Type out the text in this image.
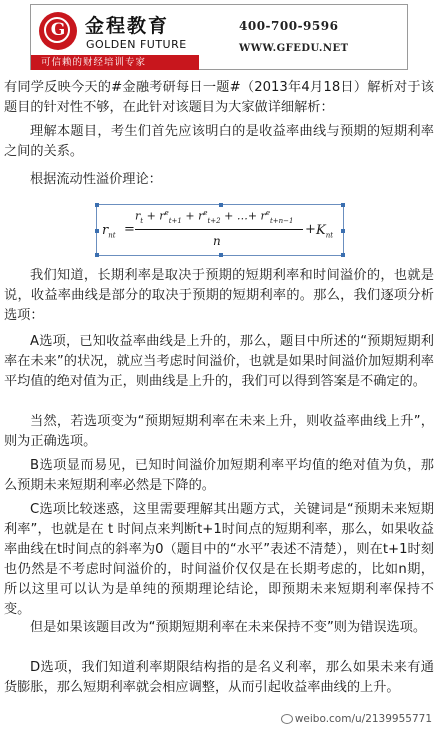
G	金程教育
GOLDEN FUTURE
可信赖的财经培训专家
400-700-9596
WWW.GFEDU.NET

有同学反映今天的#金融考研每日一题#（2013年4月18日）解析对于该题目的针对性不够，在此针对该题目为大家做详细解析：

理解本题目，考生们首先应该明白的是收益率曲线与预期的短期利率之间的关系。

根据流动性溢价理论：

$r_{nt}$ =
$r_t + r^e_{t+1} + r^e_{t+2}$ + …+ $r^e_{t+n-1}$
n
+ $K_{nt}$

我们知道，长期利率是取决于预期的短期利率和时间溢价的，也就是说，收益率曲线是部分的取决于预期的短期利率的。那么，我们逐项分析选项：

A选项，已知收益率曲线是上升的，那么，题目中所述的“预期短期利率在未来”的状况，就应当考虑时间溢价，也就是如果时间溢价加短期利率平均值的绝对值为正，则曲线是上升的，我们可以得到答案是不确定的。

当然，若选项变为“预期短期利率在未来上升，则收益率曲线上升”，则为正确选项。

B选项显而易见，已知时间溢价加短期利率平均值的绝对值为负，那么预期未来短期利率必然是下降的。

C选项比较迷惑，这里需要理解其出题方式，关键词是“预期未来短期利率”，也就是在 t 时间点来判断t+1时间点的短期利率，那么，如果收益率曲线在t时间点的斜率为0（题目中的“水平”表述不清楚），则在t+1时刻也仍然是不考虑时间溢价的，时间溢价仅仅是在长期考虑的，比如n期，所以这里可以认为是单纯的预期理论结论，即预期未来短期利率保持不变。

但是如果该题目改为“预期短期利率在未来保持不变”则为错误选项。

D选项，我们知道利率期限结构指的是名义利率，那么如果未来有通货膨胀，那么短期利率就会相应调整，从而引起收益率曲线的上升。

weibo.com/u/2139955771
